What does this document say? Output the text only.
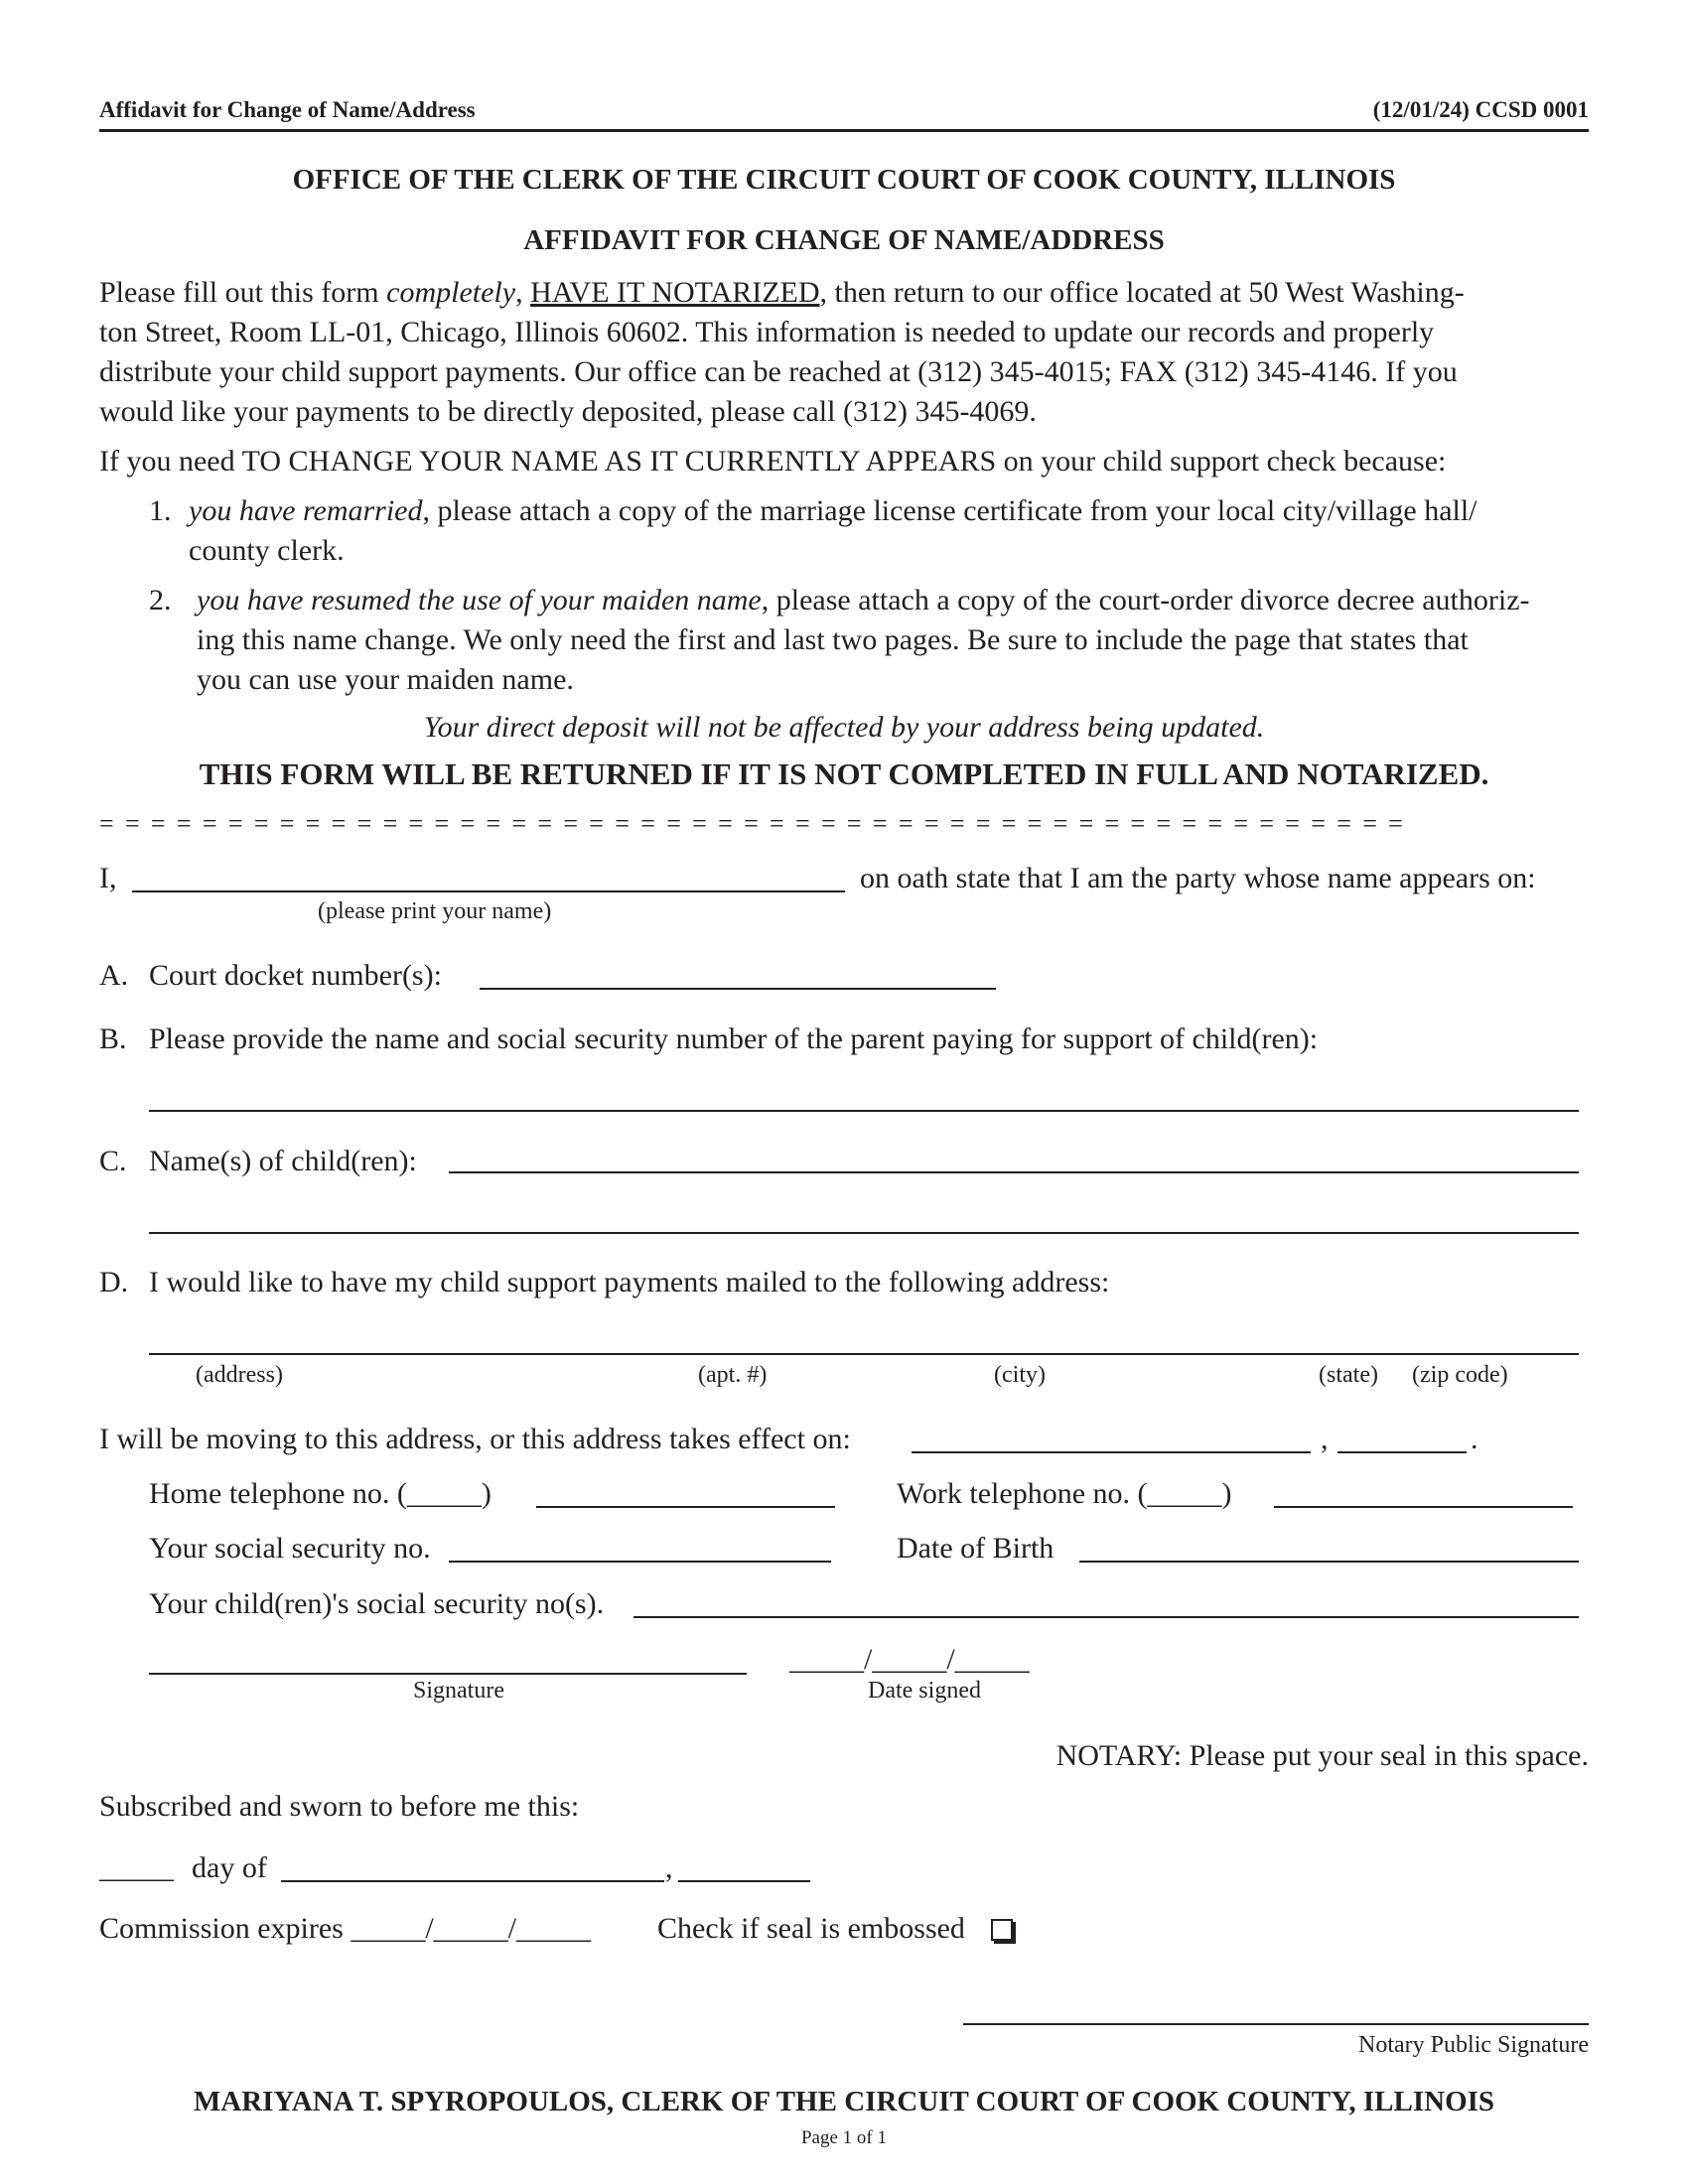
Affidavit for Change of Name/Address	(12/01/24) CCSD 0001
OFFICE OF THE CLERK OF THE CIRCUIT COURT OF COOK COUNTY, ILLINOIS
AFFIDAVIT FOR CHANGE OF NAME/ADDRESS
Please fill out this form completely, HAVE IT NOTARIZED, then return to our office located at 50 West Washing-
ton Street, Room LL-01, Chicago, Illinois 60602. This information is needed to update our records and properly
distribute your child support payments. Our office can be reached at (312) 345-4015; FAX (312) 345-4146. If you
would like your payments to be directly deposited, please call (312) 345-4069.
If you need TO CHANGE YOUR NAME AS IT CURRENTLY APPEARS on your child support check because:
1. you have remarried, please attach a copy of the marriage license certificate from your local city/village hall/
county clerk.
2. you have resumed the use of your maiden name, please attach a copy of the court-order divorce decree authoriz-
ing this name change. We only need the first and last two pages. Be sure to include the page that states that
you can use your maiden name.
Your direct deposit will not be affected by your address being updated.
THIS FORM WILL BE RETURNED IF IT IS NOT COMPLETED IN FULL AND NOTARIZED.
= = = = = = = = = = = = = = = = = = = = = = = = = = = = = = = = = = = = = = = = = = = = = = = = = = =
I,	on oath state that I am the party whose name appears on:
(please print your name)
A. Court docket number(s):
B. Please provide the name and social security number of the parent paying for support of child(ren):
C. Name(s) of child(ren):
D. I would like to have my child support payments mailed to the following address:
(address)	(apt. #)	(city)	(state) (zip code)
I will be moving to this address, or this address takes effect on:	,	.
Home telephone no. (_____)	Work telephone no. (_____)
Your social security no.	Date of Birth
Your child(ren)'s social security no(s).
_____/_____/_____
Signature	Date signed
NOTARY: Please put your seal in this space.
Subscribed and sworn to before me this:
_____ day of	,
Commission expires _____/_____/_____ Check if seal is embossed
Notary Public Signature
MARIYANA T. SPYROPOULOS, CLERK OF THE CIRCUIT COURT OF COOK COUNTY, ILLINOIS
Page 1 of 1
